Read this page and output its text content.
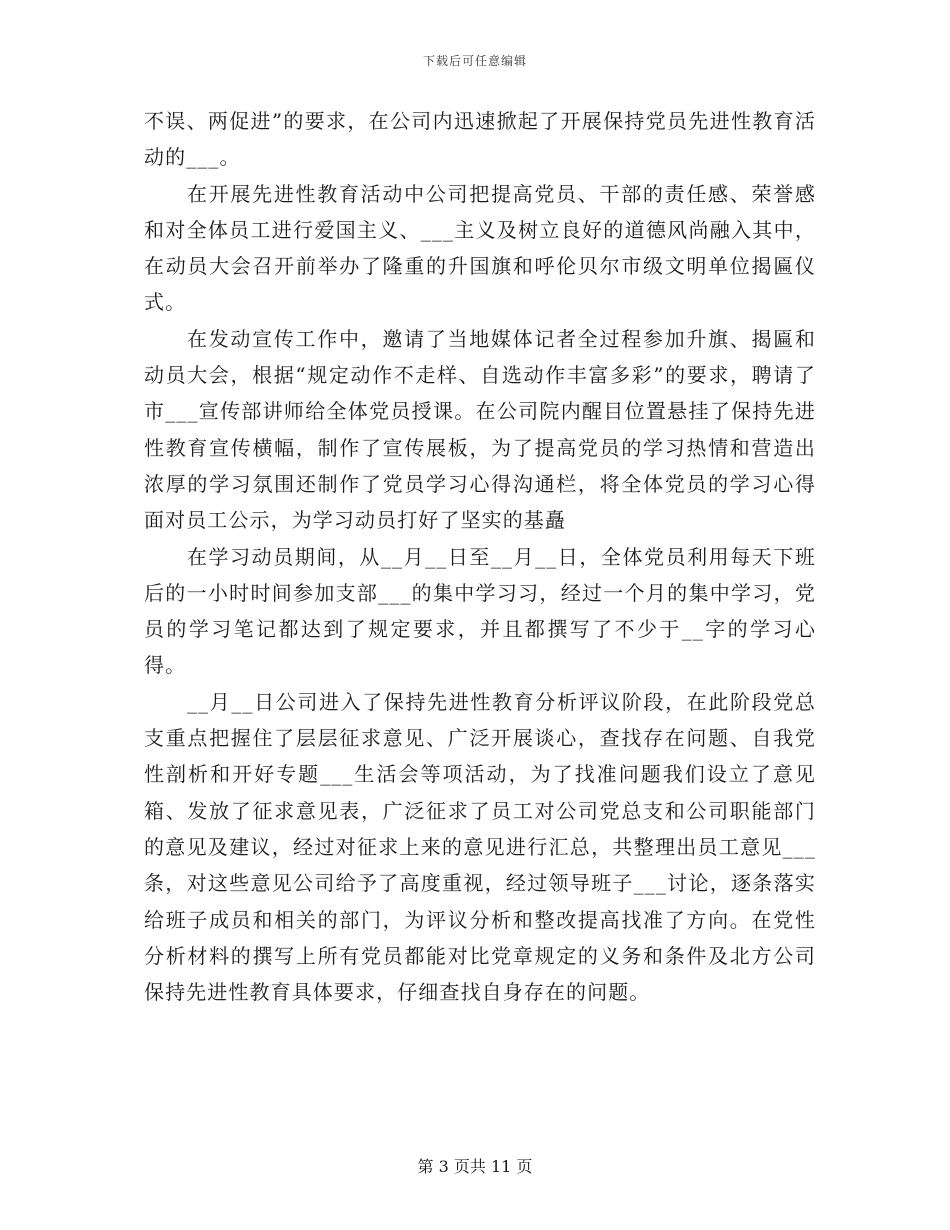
下载后可任意编辑

不误、两促进”的要求，在公司内迅速掀起了开展保持党员先进性教育活动的___。

在开展先进性教育活动中公司把提高党员、干部的责任感、荣誉感和对全体员工进行爱国主义、___主义及树立良好的道德风尚融入其中，在动员大会召开前举办了隆重的升国旗和呼伦贝尔市级文明单位揭匾仪式。

在发动宣传工作中，邀请了当地媒体记者全过程参加升旗、揭匾和动员大会，根据“规定动作不走样、自选动作丰富多彩”的要求，聘请了市___宣传部讲师给全体党员授课。在公司院内醒目位置悬挂了保持先进性教育宣传横幅，制作了宣传展板，为了提高党员的学习热情和营造出浓厚的学习氛围还制作了党员学习心得沟通栏，将全体党员的学习心得面对员工公示，为学习动员打好了坚实的基矗

在学习动员期间，从__月__日至__月__日，全体党员利用每天下班后的一小时时间参加支部___的集中学习习，经过一个月的集中学习，党员的学习笔记都达到了规定要求，并且都撰写了不少于__字的学习心得。

__月__日公司进入了保持先进性教育分析评议阶段，在此阶段党总支重点把握住了层层征求意见、广泛开展谈心，查找存在问题、自我党性剖析和开好专题___生活会等项活动，为了找准问题我们设立了意见箱、发放了征求意见表，广泛征求了员工对公司党总支和公司职能部门的意见及建议，经过对征求上来的意见进行汇总，共整理出员工意见___条，对这些意见公司给予了高度重视，经过领导班子___讨论，逐条落实给班子成员和相关的部门，为评议分析和整改提高找准了方向。在党性分析材料的撰写上所有党员都能对比党章规定的义务和条件及北方公司保持先进性教育具体要求，仔细查找自身存在的问题。

第 3 页共 11 页
